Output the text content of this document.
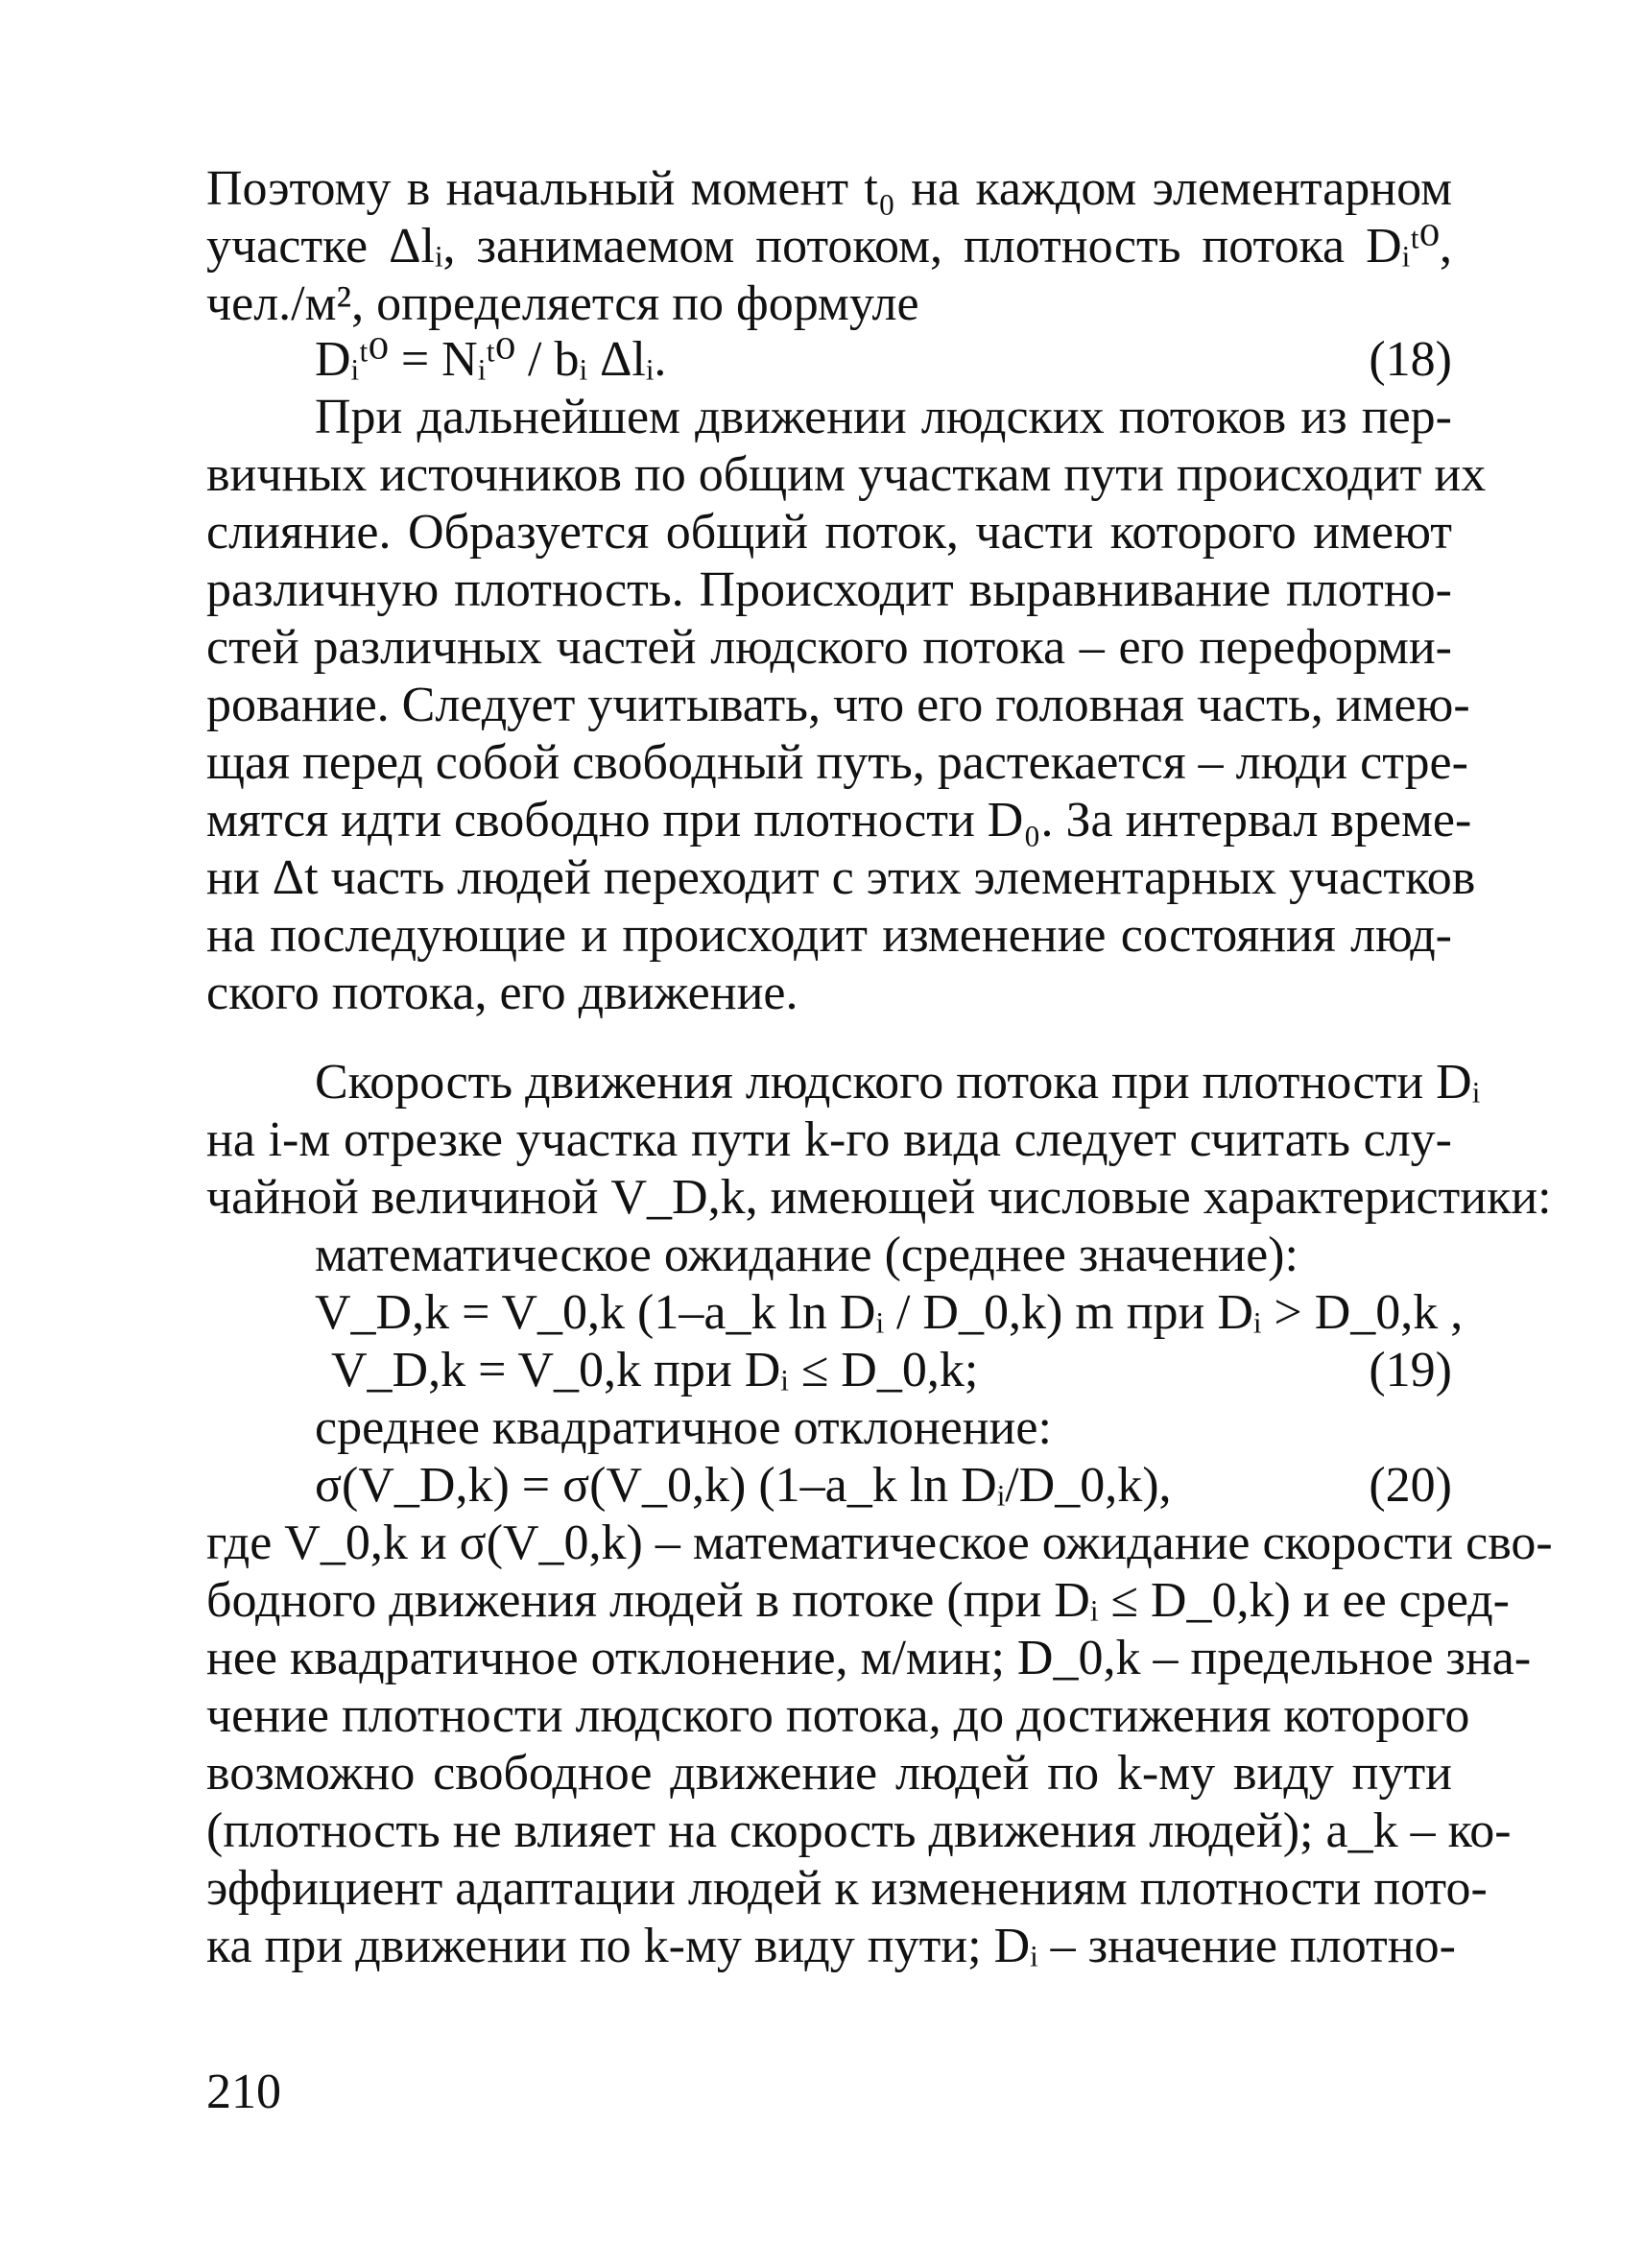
Поэтому в начальный момент t₀ на каждом элементарном
участке Δlᵢ, занимаемом потоком, плотность потока Dᵢᵗ⁰,
чел./м², определяется по формуле
Dᵢᵗ⁰ = Nᵢᵗ⁰ / bᵢ Δlᵢ.	(18)
При дальнейшем движении людских потоков из пер-
вичных источников по общим участкам пути происходит их
слияние. Образуется общий поток, части которого имеют
различную плотность. Происходит выравнивание плотно-
стей различных частей людского потока – его переформи-
рование. Следует учитывать, что его головная часть, имею-
щая перед собой свободный путь, растекается – люди стре-
мятся идти свободно при плотности D₀. За интервал време-
ни Δt часть людей переходит с этих элементарных участков
на последующие и происходит изменение состояния люд-
ского потока, его движение.
Скорость движения людского потока при плотности Dᵢ
на i-м отрезке участка пути k-го вида следует считать слу-
чайной величиной V_D,k, имеющей числовые характеристики:
математическое ожидание (среднее значение):
V_D,k = V_0,k (1–a_k ln Dᵢ / D_0,k) m при Dᵢ > D_0,k ,
V_D,k = V_0,k при Dᵢ ≤ D_0,k;	(19)
среднее квадратичное отклонение:
σ(V_D,k) = σ(V_0,k) (1–a_k ln Dᵢ/D_0,k),	(20)
где V_0,k и σ(V_0,k) – математическое ожидание скорости сво-
бодного движения людей в потоке (при Dᵢ ≤ D_0,k) и ее сред-
нее квадратичное отклонение, м/мин; D_0,k – предельное зна-
чение плотности людского потока, до достижения которого
возможно свободное движение людей по k-му виду пути
(плотность не влияет на скорость движения людей); a_k – ко-
эффициент адаптации людей к изменениям плотности пото-
ка при движении по k-му виду пути; Dᵢ – значение плотно-
210
